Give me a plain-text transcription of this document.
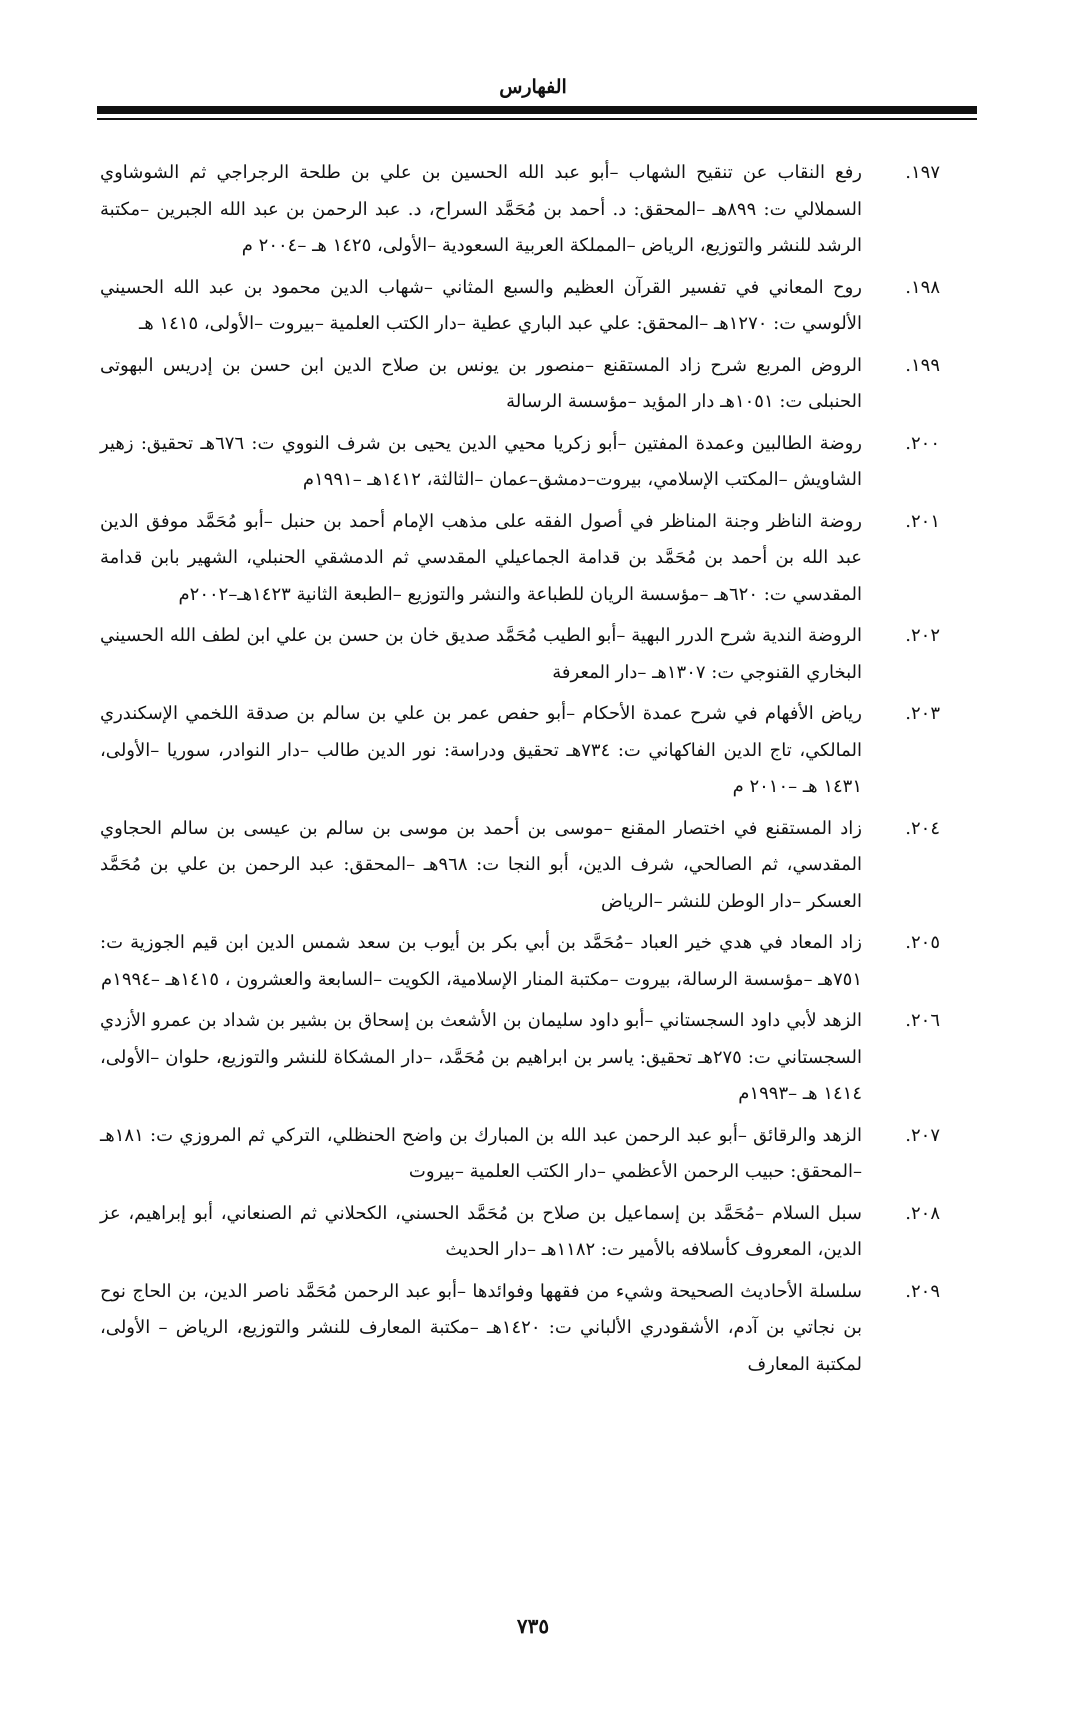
الفهارس
١٩٧.
رفع النقاب عن تنقيح الشهاب –أبو عبد الله الحسين بن علي بن طلحة الرجراجي ثم الشوشاوي السملالي ت: ٨٩٩هـ –المحقق: د. أحمد بن مُحَمَّد السراح، د. عبد الرحمن بن عبد الله الجبرين –مكتبة الرشد للنشر والتوزيع، الرياض –المملكة العربية السعودية –الأولى، ١٤٢٥ هـ –٢٠٠٤ م
١٩٨.
روح المعاني في تفسير القرآن العظيم والسبع المثاني –شهاب الدين محمود بن عبد الله الحسيني الألوسي ت: ١٢٧٠هـ –المحقق: علي عبد الباري عطية –دار الكتب العلمية –بيروت –الأولى، ١٤١٥ هـ
١٩٩.
الروض المربع شرح زاد المستقنع –منصور بن يونس بن صلاح الدين ابن حسن بن إدريس البهوتى الحنبلى ت: ١٠٥١هـ دار المؤيد –مؤسسة الرسالة
٢٠٠.
روضة الطالبين وعمدة المفتين –أبو زكريا محيي الدين يحيى بن شرف النووي ت: ٦٧٦هـ تحقيق: زهير الشاويش –المكتب الإسلامي، بيروت–دمشق–عمان –الثالثة، ١٤١٢هـ –١٩٩١م
٢٠١.
روضة الناظر وجنة المناظر في أصول الفقه على مذهب الإمام أحمد بن حنبل –أبو مُحَمَّد موفق الدين عبد الله بن أحمد بن مُحَمَّد بن قدامة الجماعيلي المقدسي ثم الدمشقي الحنبلي، الشهير بابن قدامة المقدسي ت: ٦٢٠هـ –مؤسسة الريان للطباعة والنشر والتوزيع –الطبعة الثانية ١٤٢٣هـ–٢٠٠٢م
٢٠٢.
الروضة الندية شرح الدرر البهية –أبو الطيب مُحَمَّد صديق خان بن حسن بن علي ابن لطف الله الحسيني البخاري القنوجي ت: ١٣٠٧هـ –دار المعرفة
٢٠٣.
رياض الأفهام في شرح عمدة الأحكام –أبو حفص عمر بن علي بن سالم بن صدقة اللخمي الإسكندري المالكي، تاج الدين الفاكهاني ت: ٧٣٤هـ تحقيق ودراسة: نور الدين طالب –دار النوادر، سوريا –الأولى، ١٤٣١ هـ –٢٠١٠ م
٢٠٤.
زاد المستقنع في اختصار المقنع –موسى بن أحمد بن موسى بن سالم بن عيسى بن سالم الحجاوي المقدسي، ثم الصالحي، شرف الدين، أبو النجا ت: ٩٦٨هـ –المحقق: عبد الرحمن بن علي بن مُحَمَّد العسكر –دار الوطن للنشر –الرياض
٢٠٥.
زاد المعاد في هدي خير العباد –مُحَمَّد بن أبي بكر بن أيوب بن سعد شمس الدين ابن قيم الجوزية ت: ٧٥١هـ –مؤسسة الرسالة، بيروت –مكتبة المنار الإسلامية، الكويت –السابعة والعشرون ، ١٤١٥هـ –١٩٩٤م
٢٠٦.
الزهد لأبي داود السجستاني –أبو داود سليمان بن الأشعث بن إسحاق بن بشير بن شداد بن عمرو الأزدي السجستاني ت: ٢٧٥هـ تحقيق: ياسر بن ابراهيم بن مُحَمَّد، –دار المشكاة للنشر والتوزيع، حلوان –الأولى، ١٤١٤ هـ –١٩٩٣م
٢٠٧.
الزهد والرقائق –أبو عبد الرحمن عبد الله بن المبارك بن واضح الحنظلي، التركي ثم المروزي ت: ١٨١هـ –المحقق: حبيب الرحمن الأعظمي –دار الكتب العلمية –بيروت
٢٠٨.
سبل السلام –مُحَمَّد بن إسماعيل بن صلاح بن مُحَمَّد الحسني، الكحلاني ثم الصنعاني، أبو إبراهيم، عز الدين، المعروف كأسلافه بالأمير ت: ١١٨٢هـ –دار الحديث
٢٠٩.
سلسلة الأحاديث الصحيحة وشيء من فقهها وفوائدها –أبو عبد الرحمن مُحَمَّد ناصر الدين، بن الحاج نوح بن نجاتي بن آدم، الأشقودري الألباني ت: ١٤٢٠هـ –مكتبة المعارف للنشر والتوزيع، الرياض – الأولى، لمكتبة المعارف
٧٣٥
